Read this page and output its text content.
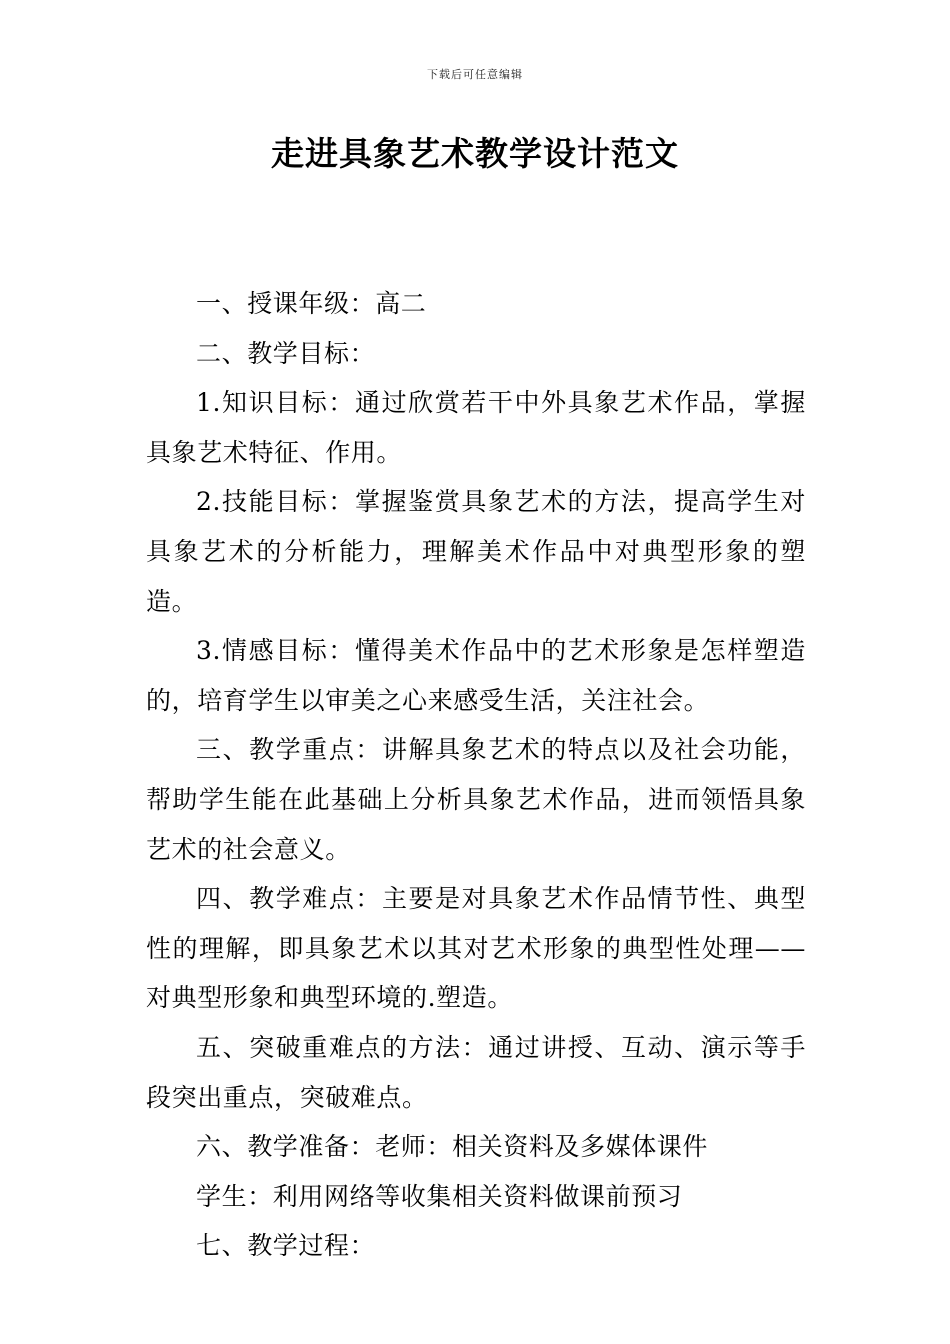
下载后可任意编辑
走进具象艺术教学设计范文

一、授课年级：高二

二、教学目标：

1.知识目标：通过欣赏若干中外具象艺术作品，掌握具象艺术特征、作用。

2.技能目标：掌握鉴赏具象艺术的方法，提高学生对具象艺术的分析能力，理解美术作品中对典型形象的塑造。

3.情感目标：懂得美术作品中的艺术形象是怎样塑造的，培育学生以审美之心来感受生活，关注社会。

三、教学重点：讲解具象艺术的特点以及社会功能，帮助学生能在此基础上分析具象艺术作品，进而领悟具象艺术的社会意义。

四、教学难点：主要是对具象艺术作品情节性、典型性的理解，即具象艺术以其对艺术形象的典型性处理——对典型形象和典型环境的.塑造。

五、突破重难点的方法：通过讲授、互动、演示等手段突出重点，突破难点。

六、教学准备：老师：相关资料及多媒体课件

学生：利用网络等收集相关资料做课前预习

七、教学过程：
